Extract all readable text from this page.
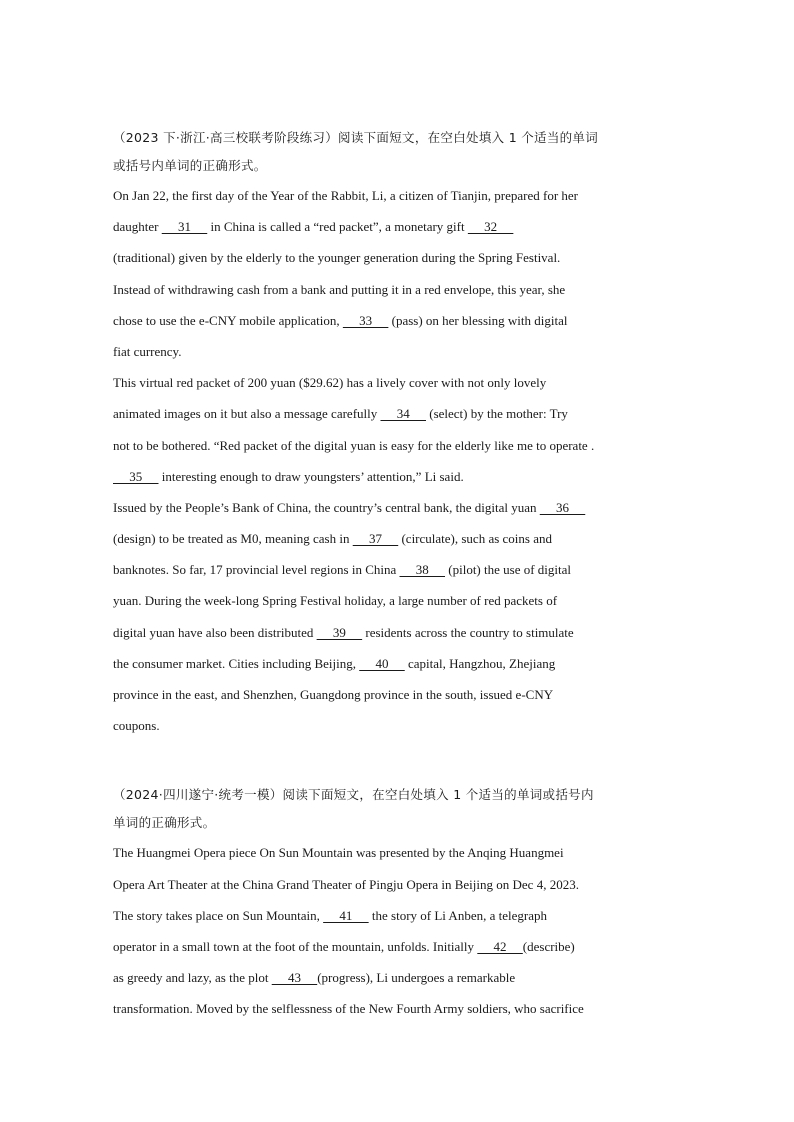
（2023 下·浙江·高三校联考阶段练习）阅读下面短文，在空白处填入 1 个适当的单词
或括号内单词的正确形式。
On Jan 22, the first day of the Year of the Rabbit, Li, a citizen of Tianjin, prepared for her
daughter      31      in China is called a “red packet”, a monetary gift      32
(traditional) given by the elderly to the younger generation during the Spring Festival.
Instead of withdrawing cash from a bank and putting it in a red envelope, this year, she
chose to use the e-CNY mobile application,      33      (pass) on her blessing with digital
fiat currency.
This virtual red packet of 200 yuan ($29.62) has a lively cover with not only lovely
animated images on it but also a message carefully      34      (select) by the mother: Try
not to be bothered. “Red packet of the digital yuan is easy for the elderly like me to operate .
35      interesting enough to draw youngsters’ attention,” Li said.
Issued by the People’s Bank of China, the country’s central bank, the digital yuan      36
(design) to be treated as M0, meaning cash in      37      (circulate), such as coins and
banknotes. So far, 17 provincial level regions in China      38      (pilot) the use of digital
yuan. During the week-long Spring Festival holiday, a large number of red packets of
digital yuan have also been distributed      39      residents across the country to stimulate
the consumer market. Cities including Beijing,      40      capital, Hangzhou, Zhejiang
province in the east, and Shenzhen, Guangdong province in the south, issued e-CNY
coupons.
（2024·四川遂宁·统考一模）阅读下面短文，在空白处填入 1 个适当的单词或括号内
单词的正确形式。
The Huangmei Opera piece On Sun Mountain was presented by the Anqing Huangmei
Opera Art Theater at the China Grand Theater of Pingju Opera in Beijing on Dec 4, 2023.
The story takes place on Sun Mountain,      41      the story of Li Anben, a telegraph
operator in a small town at the foot of the mountain, unfolds. Initially      42     (describe)
as greedy and lazy, as the plot      43     (progress), Li undergoes a remarkable
transformation. Moved by the selflessness of the New Fourth Army soldiers, who sacrifice
